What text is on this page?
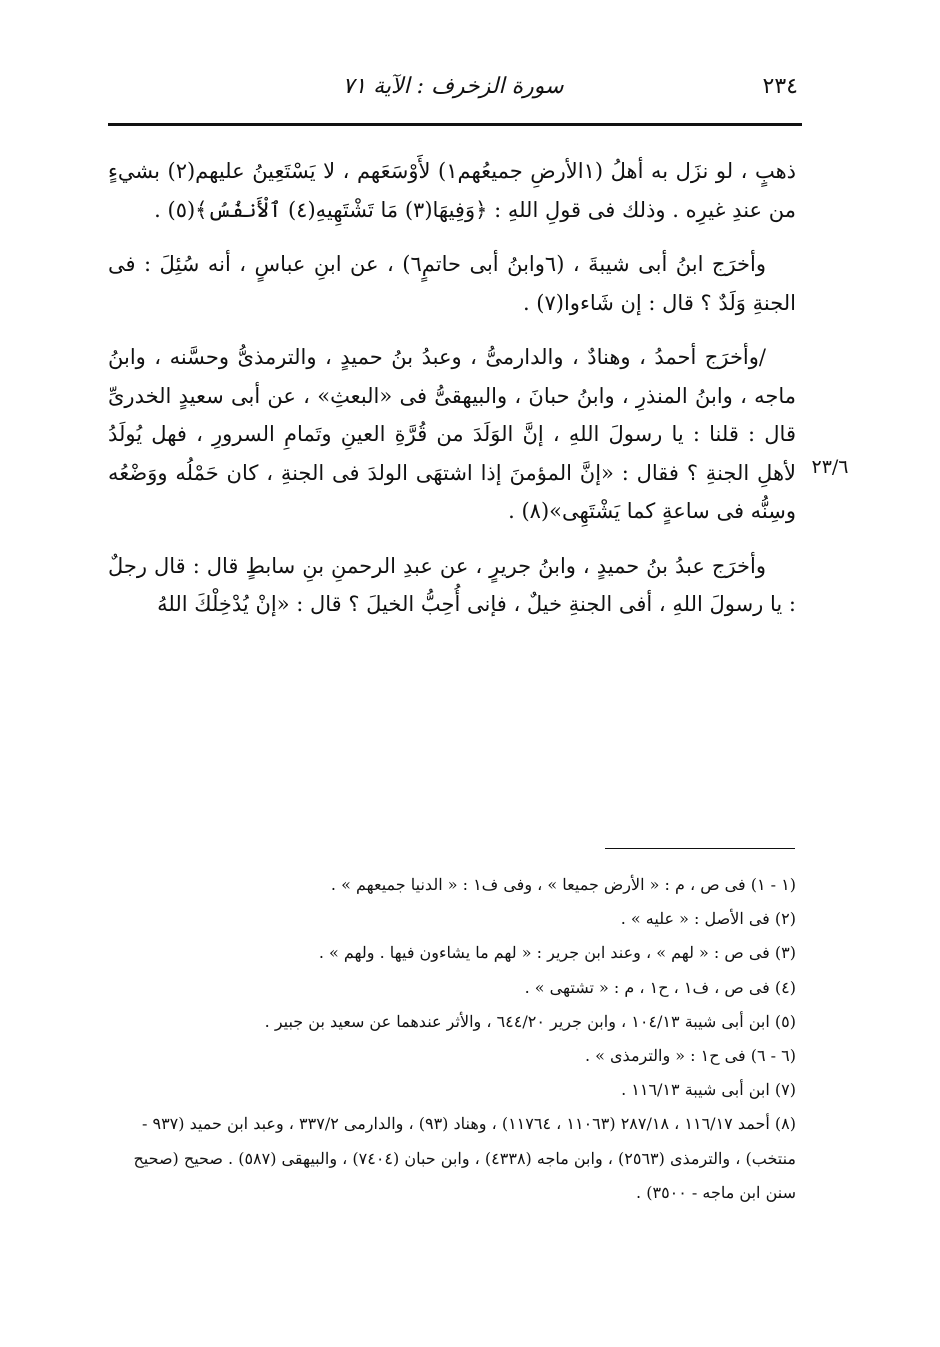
٢٣٤
سورة الزخرف : الآية ٧١
٢٣/٦

ذهبٍ ، لو نزَل به أهلُ (١الأرضِ جميعُهم١) لأَوْسَعَهم ، لا يَسْتَعِينُ عليهم(٢) بشيءٍ من عندِ غيرِه . وذلك فى قولِ اللهِ : ﴿وَفِيهَا(٣) مَا تَشْتَهِيهِ(٤) ٱلْأَنفُسُ﴾(٥) .

وأخرَج ابنُ أبى شيبةَ ، (٦وابنُ أبى حاتمٍ٦) ، عن ابنِ عباسٍ ، أنه سُئِلَ : فى الجنةِ وَلَدٌ ؟ قال : إن شَاءوا(٧) .

/وأخرَج أحمدُ ، وهنادٌ ، والدارمىُّ ، وعبدُ بنُ حميدٍ ، والترمذىُّ وحسَّنه ، وابنُ ماجه ، وابنُ المنذرِ ، وابنُ حبانَ ، والبيهقىُّ فى «البعثِ» ، عن أبى سعيدٍ الخدرىِّ قال : قلنا : يا رسولَ اللهِ ، إنَّ الوَلَدَ من قُرَّةِ العينِ وتَمامِ السرورِ ، فهل يُولَدُ لأهلِ الجنةِ ؟ فقال : «إنَّ المؤمنَ إذا اشتهَى الولدَ فى الجنةِ ، كان حَمْلُه ووَضْعُه وسِنُّه فى ساعةٍ كما يَشْتَهِى»(٨) .

وأخرَج عبدُ بنُ حميدٍ ، وابنُ جريرٍ ، عن عبدِ الرحمنِ بنِ سابطٍ قال : قال رجلٌ : يا رسولَ اللهِ ، أفى الجنةِ خيلٌ ، فإنى أُحِبُّ الخيلَ ؟ قال : «إنْ يُدْخِلْكَ اللهُ

(١ - ١) فى ص ، م : « الأرض جميعا » ، وفى ف١ : « الدنيا جميعهم » .
(٢) فى الأصل : « عليه » .
(٣) فى ص : « لهم » ، وعند ابن جرير : « لهم ما يشاءون فيها . ولهم » .
(٤) فى ص ، ف١ ، ح١ ، م : « تشتهى » .
(٥) ابن أبى شيبة ١٠٤/١٣ ، وابن جرير ٦٤٤/٢٠ ، والأثر عندهما عن سعيد بن جبير .
(٦ - ٦) فى ح١ : « والترمذى » .
(٧) ابن أبى شيبة ١١٦/١٣ .
(٨) أحمد ١١٦/١٧ ، ٢٨٧/١٨ (١١٠٦٣ ، ١١٧٦٤) ، وهناد (٩٣) ، والدارمى ٣٣٧/٢ ، وعبد ابن حميد (٩٣٧ - منتخب) ، والترمذى (٢٥٦٣) ، وابن ماجه (٤٣٣٨) ، وابن حبان (٧٤٠٤) ، والبيهقى (٥٨٧) . صحيح (صحيح سنن ابن ماجه - ٣٥٠٠) .
